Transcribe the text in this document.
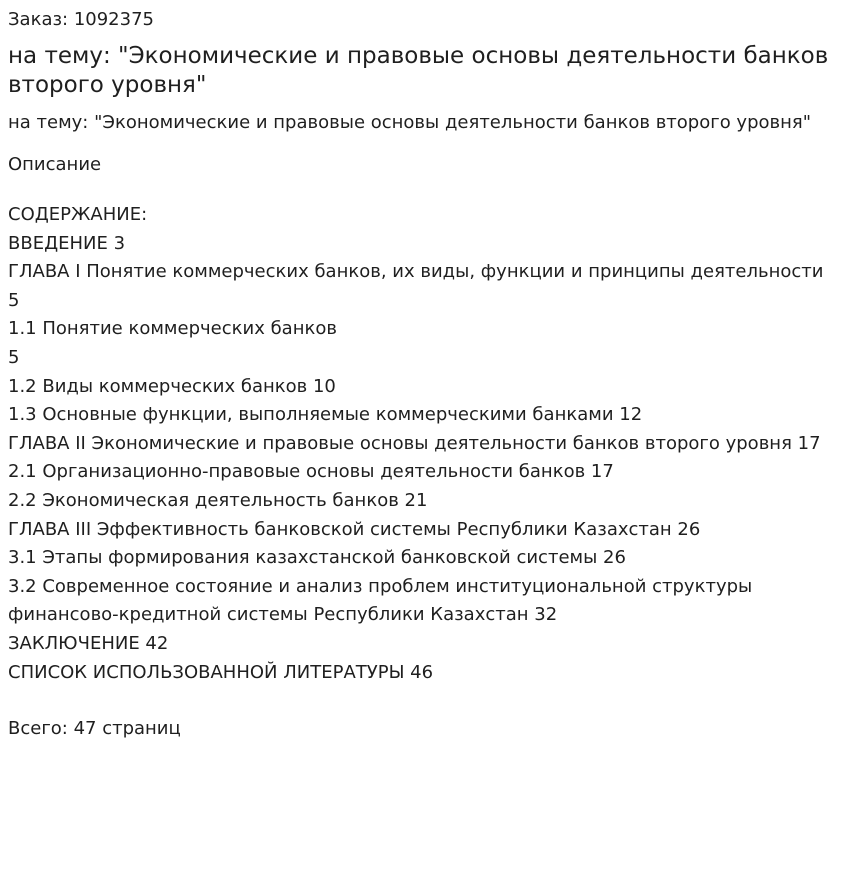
Заказ: 1092375
на тему: "Экономические и правовые основы деятельности банков второго уровня"
на тему: "Экономические и правовые основы деятельности банков второго уровня"
Описание
СОДЕРЖАНИЕ:
ВВЕДЕНИЕ 3
ГЛАВА I Понятие коммерческих банков, их виды, функции и принципы деятельности 5
1.1 Понятие коммерческих банков
5
1.2 Виды коммерческих банков 10
1.3 Основные функции, выполняемые коммерческими банками 12
ГЛАВА II Экономические и правовые основы деятельности банков второго уровня 17
2.1 Организационно-правовые основы деятельности банков 17
2.2 Экономическая деятельность банков 21
ГЛАВА III Эффективность банковской системы Республики Казахстан 26
3.1 Этапы формирования казахстанской банковской системы 26
3.2 Современное состояние и анализ проблем институциональной структуры финансово-кредитной системы Республики Казахстан 32
ЗАКЛЮЧЕНИЕ 42
СПИСОК ИСПОЛЬЗОВАННОЙ ЛИТЕРАТУРЫ 46
Всего: 47 страниц
